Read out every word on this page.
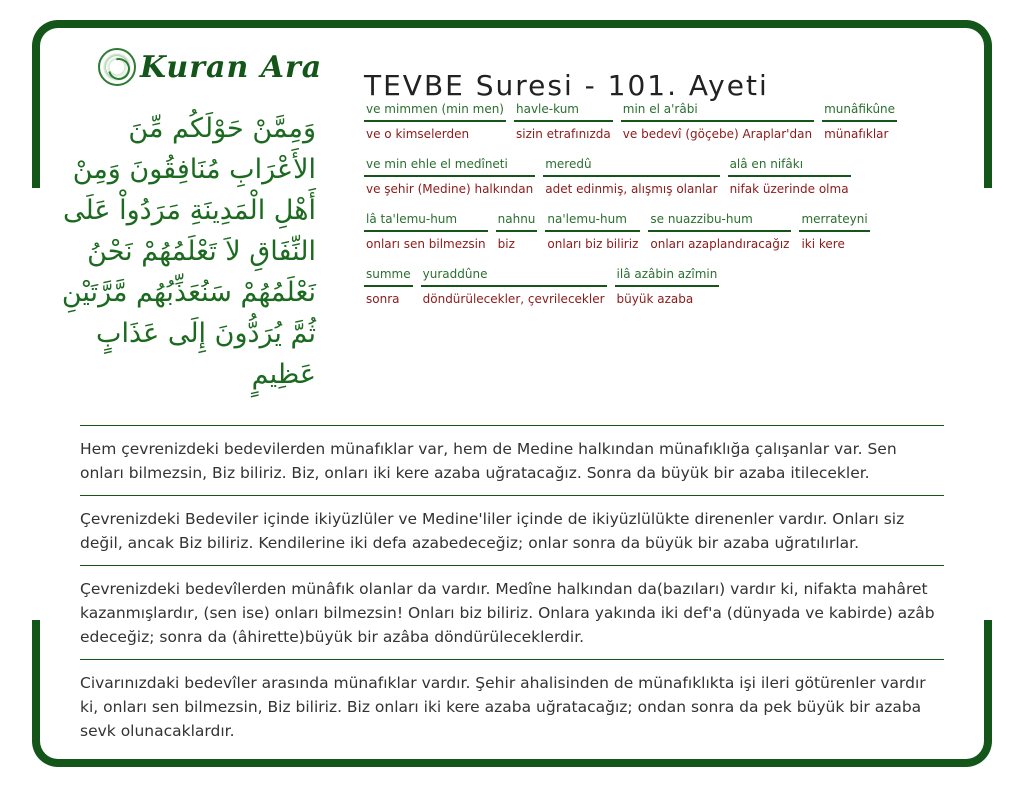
Kuran Ara
TEVBE Suresi - 101. Ayeti
وَمِمَّنْ حَوْلَكُم مِّنَ
الأَعْرَابِ مُنَافِقُونَ وَمِنْ
أَهْلِ الْمَدِينَةِ مَرَدُواْ عَلَى
النِّفَاقِ لاَ تَعْلَمُهُمْ نَحْنُ
نَعْلَمُهُمْ سَنُعَذِّبُهُم مَّرَّتَيْنِ
ثُمَّ يُرَدُّونَ إِلَى عَذَابٍ
عَظِيمٍ
ve mimmen (min men)
ve o kimselerden
havle-kum
sizin etrafınızda
min el a'râbi
ve bedevî (göçebe) Araplar'dan
munâfikûne
münafıklar
ve min ehle el medîneti
ve şehir (Medine) halkından
meredû
adet edinmiş, alışmış olanlar
alâ en nifâkı
nifak üzerinde olma
lâ ta'lemu-hum
onları sen bilmezsin
nahnu
biz
na'lemu-hum
onları biz biliriz
se nuazzibu-hum
onları azaplandıracağız
merrateyni
iki kere
summe
sonra
yuraddûne
döndürülecekler, çevrilecekler
ilâ azâbin azîmin
büyük azaba
Hem çevrenizdeki bedevilerden münafıklar var, hem de Medine halkından münafıklığa çalışanlar var. Sen onları bilmezsin, Biz biliriz. Biz, onları iki kere azaba uğratacağız. Sonra da büyük bir azaba itilecekler.
Çevrenizdeki Bedeviler içinde ikiyüzlüler ve Medine'liler içinde de ikiyüzlülükte direnenler vardır. Onları siz değil, ancak Biz biliriz. Kendilerine iki defa azabedeceğiz; onlar sonra da büyük bir azaba uğratılırlar.
Çevrenizdeki bedevîlerden münâfık olanlar da vardır. Medîne halkından da(bazıları) vardır ki, nifakta mahâret kazanmışlardır, (sen ise) onları bilmezsin! Onları biz biliriz. Onlara yakında iki def'a (dünyada ve kabirde) azâb edeceğiz; sonra da (âhirette)büyük bir azâba döndürüleceklerdir.
Civarınızdaki bedevîler arasında münafıklar vardır. Şehir ahalisinden de münafıklıkta işi ileri götürenler vardır ki, onları sen bilmezsin, Biz biliriz. Biz onları iki kere azaba uğratacağız; ondan sonra da pek büyük bir azaba sevk olunacaklardır.
